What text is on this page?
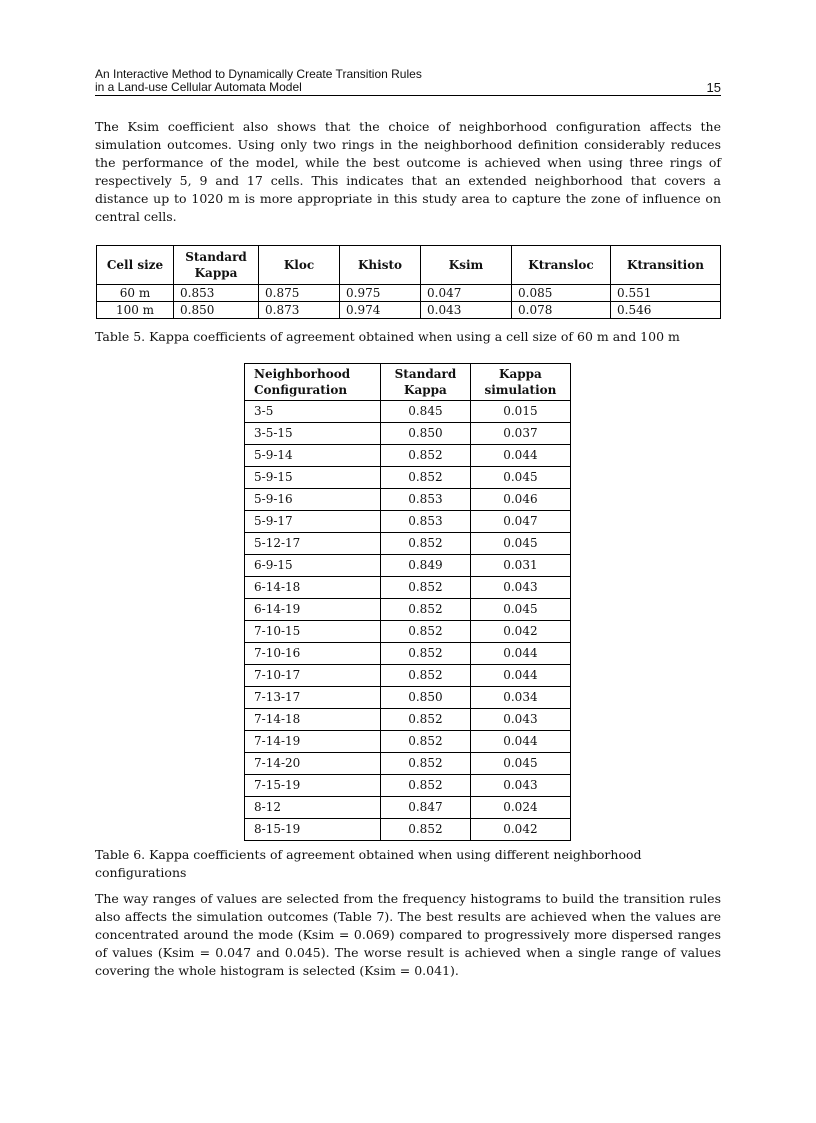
An Interactive Method to Dynamically Create Transition Rules
in a Land-use Cellular Automata Model	15

The Ksim coefficient also shows that the choice of neighborhood configuration affects the simulation outcomes. Using only two rings in the neighborhood definition considerably reduces the performance of the model, while the best outcome is achieved when using three rings of respectively 5, 9 and 17 cells. This indicates that an extended neighborhood that covers a distance up to 1020 m is more appropriate in this study area to capture the zone of influence on central cells.

Cell size	Standard Kappa	Kloc	Khisto	Ksim	Ktransloc	Ktransition
60 m	0.853	0.875	0.975	0.047	0.085	0.551
100 m	0.850	0.873	0.974	0.043	0.078	0.546

Table 5. Kappa coefficients of agreement obtained when using a cell size of 60 m and 100 m

Neighborhood Configuration	Standard Kappa	Kappa simulation
3-5	0.845	0.015
3-5-15	0.850	0.037
5-9-14	0.852	0.044
5-9-15	0.852	0.045
5-9-16	0.853	0.046
5-9-17	0.853	0.047
5-12-17	0.852	0.045
6-9-15	0.849	0.031
6-14-18	0.852	0.043
6-14-19	0.852	0.045
7-10-15	0.852	0.042
7-10-16	0.852	0.044
7-10-17	0.852	0.044
7-13-17	0.850	0.034
7-14-18	0.852	0.043
7-14-19	0.852	0.044
7-14-20	0.852	0.045
7-15-19	0.852	0.043
8-12	0.847	0.024
8-15-19	0.852	0.042

Table 6. Kappa coefficients of agreement obtained when using different neighborhood configurations

The way ranges of values are selected from the frequency histograms to build the transition rules also affects the simulation outcomes (Table 7). The best results are achieved when the values are concentrated around the mode (Ksim = 0.069) compared to progressively more dispersed ranges of values (Ksim = 0.047 and 0.045). The worse result is achieved when a single range of values covering the whole histogram is selected (Ksim = 0.041).
